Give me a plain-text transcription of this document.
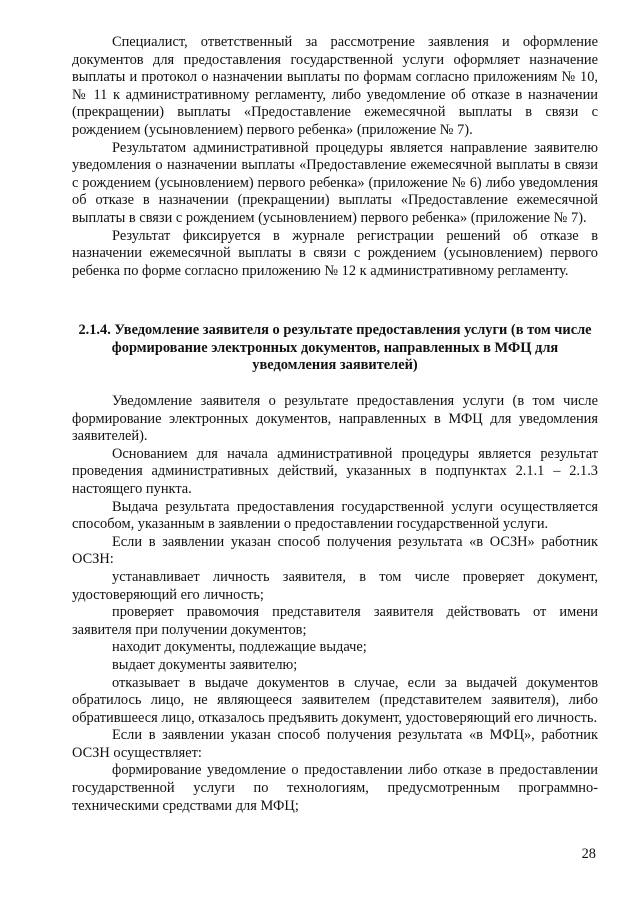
Специалист, ответственный за рассмотрение заявления и оформление документов для предоставления государственной услуги оформляет назначение выплаты и протокол о назначении выплаты по формам согласно приложениям № 10, № 11 к административному регламенту, либо уведомление об отказе в назначении (прекращении) выплаты «Предоставление ежемесячной выплаты в связи с рождением (усыновлением) первого ребенка» (приложение № 7).

Результатом административной процедуры является направление заявителю уведомления о назначении выплаты «Предоставление ежемесячной выплаты в связи с рождением (усыновлением) первого ребенка» (приложение № 6) либо уведомления об отказе в назначении (прекращении) выплаты «Предоставление ежемесячной выплаты в связи с рождением (усыновлением) первого ребенка» (приложение № 7).

Результат фиксируется в журнале регистрации решений об отказе в назначении ежемесячной выплаты в связи с рождением (усыновлением) первого ребенка по форме согласно приложению № 12 к административному регламенту.

2.1.4. Уведомление заявителя о результате предоставления услуги (в том числе формирование электронных документов, направленных в МФЦ для уведомления заявителей)

Уведомление заявителя о результате предоставления услуги (в том числе формирование электронных документов, направленных в МФЦ для уведомления заявителей).

Основанием для начала административной процедуры является результат проведения административных действий, указанных в подпунктах 2.1.1 – 2.1.3 настоящего пункта.

Выдача результата предоставления государственной услуги осуществляется способом, указанным в заявлении о предоставлении государственной услуги.

Если в заявлении указан способ получения результата «в ОСЗН» работник ОСЗН:

устанавливает личность заявителя, в том числе проверяет документ, удостоверяющий его личность;

проверяет правомочия представителя заявителя действовать от имени заявителя при получении документов;

находит документы, подлежащие выдаче;

выдает документы заявителю;

отказывает в выдаче документов в случае, если за выдачей документов обратилось лицо, не являющееся заявителем (представителем заявителя), либо обратившееся лицо, отказалось предъявить документ, удостоверяющий его личность.

Если в заявлении указан способ получения результата «в МФЦ», работник ОСЗН осуществляет:

формирование уведомление о предоставлении либо отказе в предоставлении государственной услуги по технологиям, предусмотренным программно-техническими средствами для МФЦ;

28
